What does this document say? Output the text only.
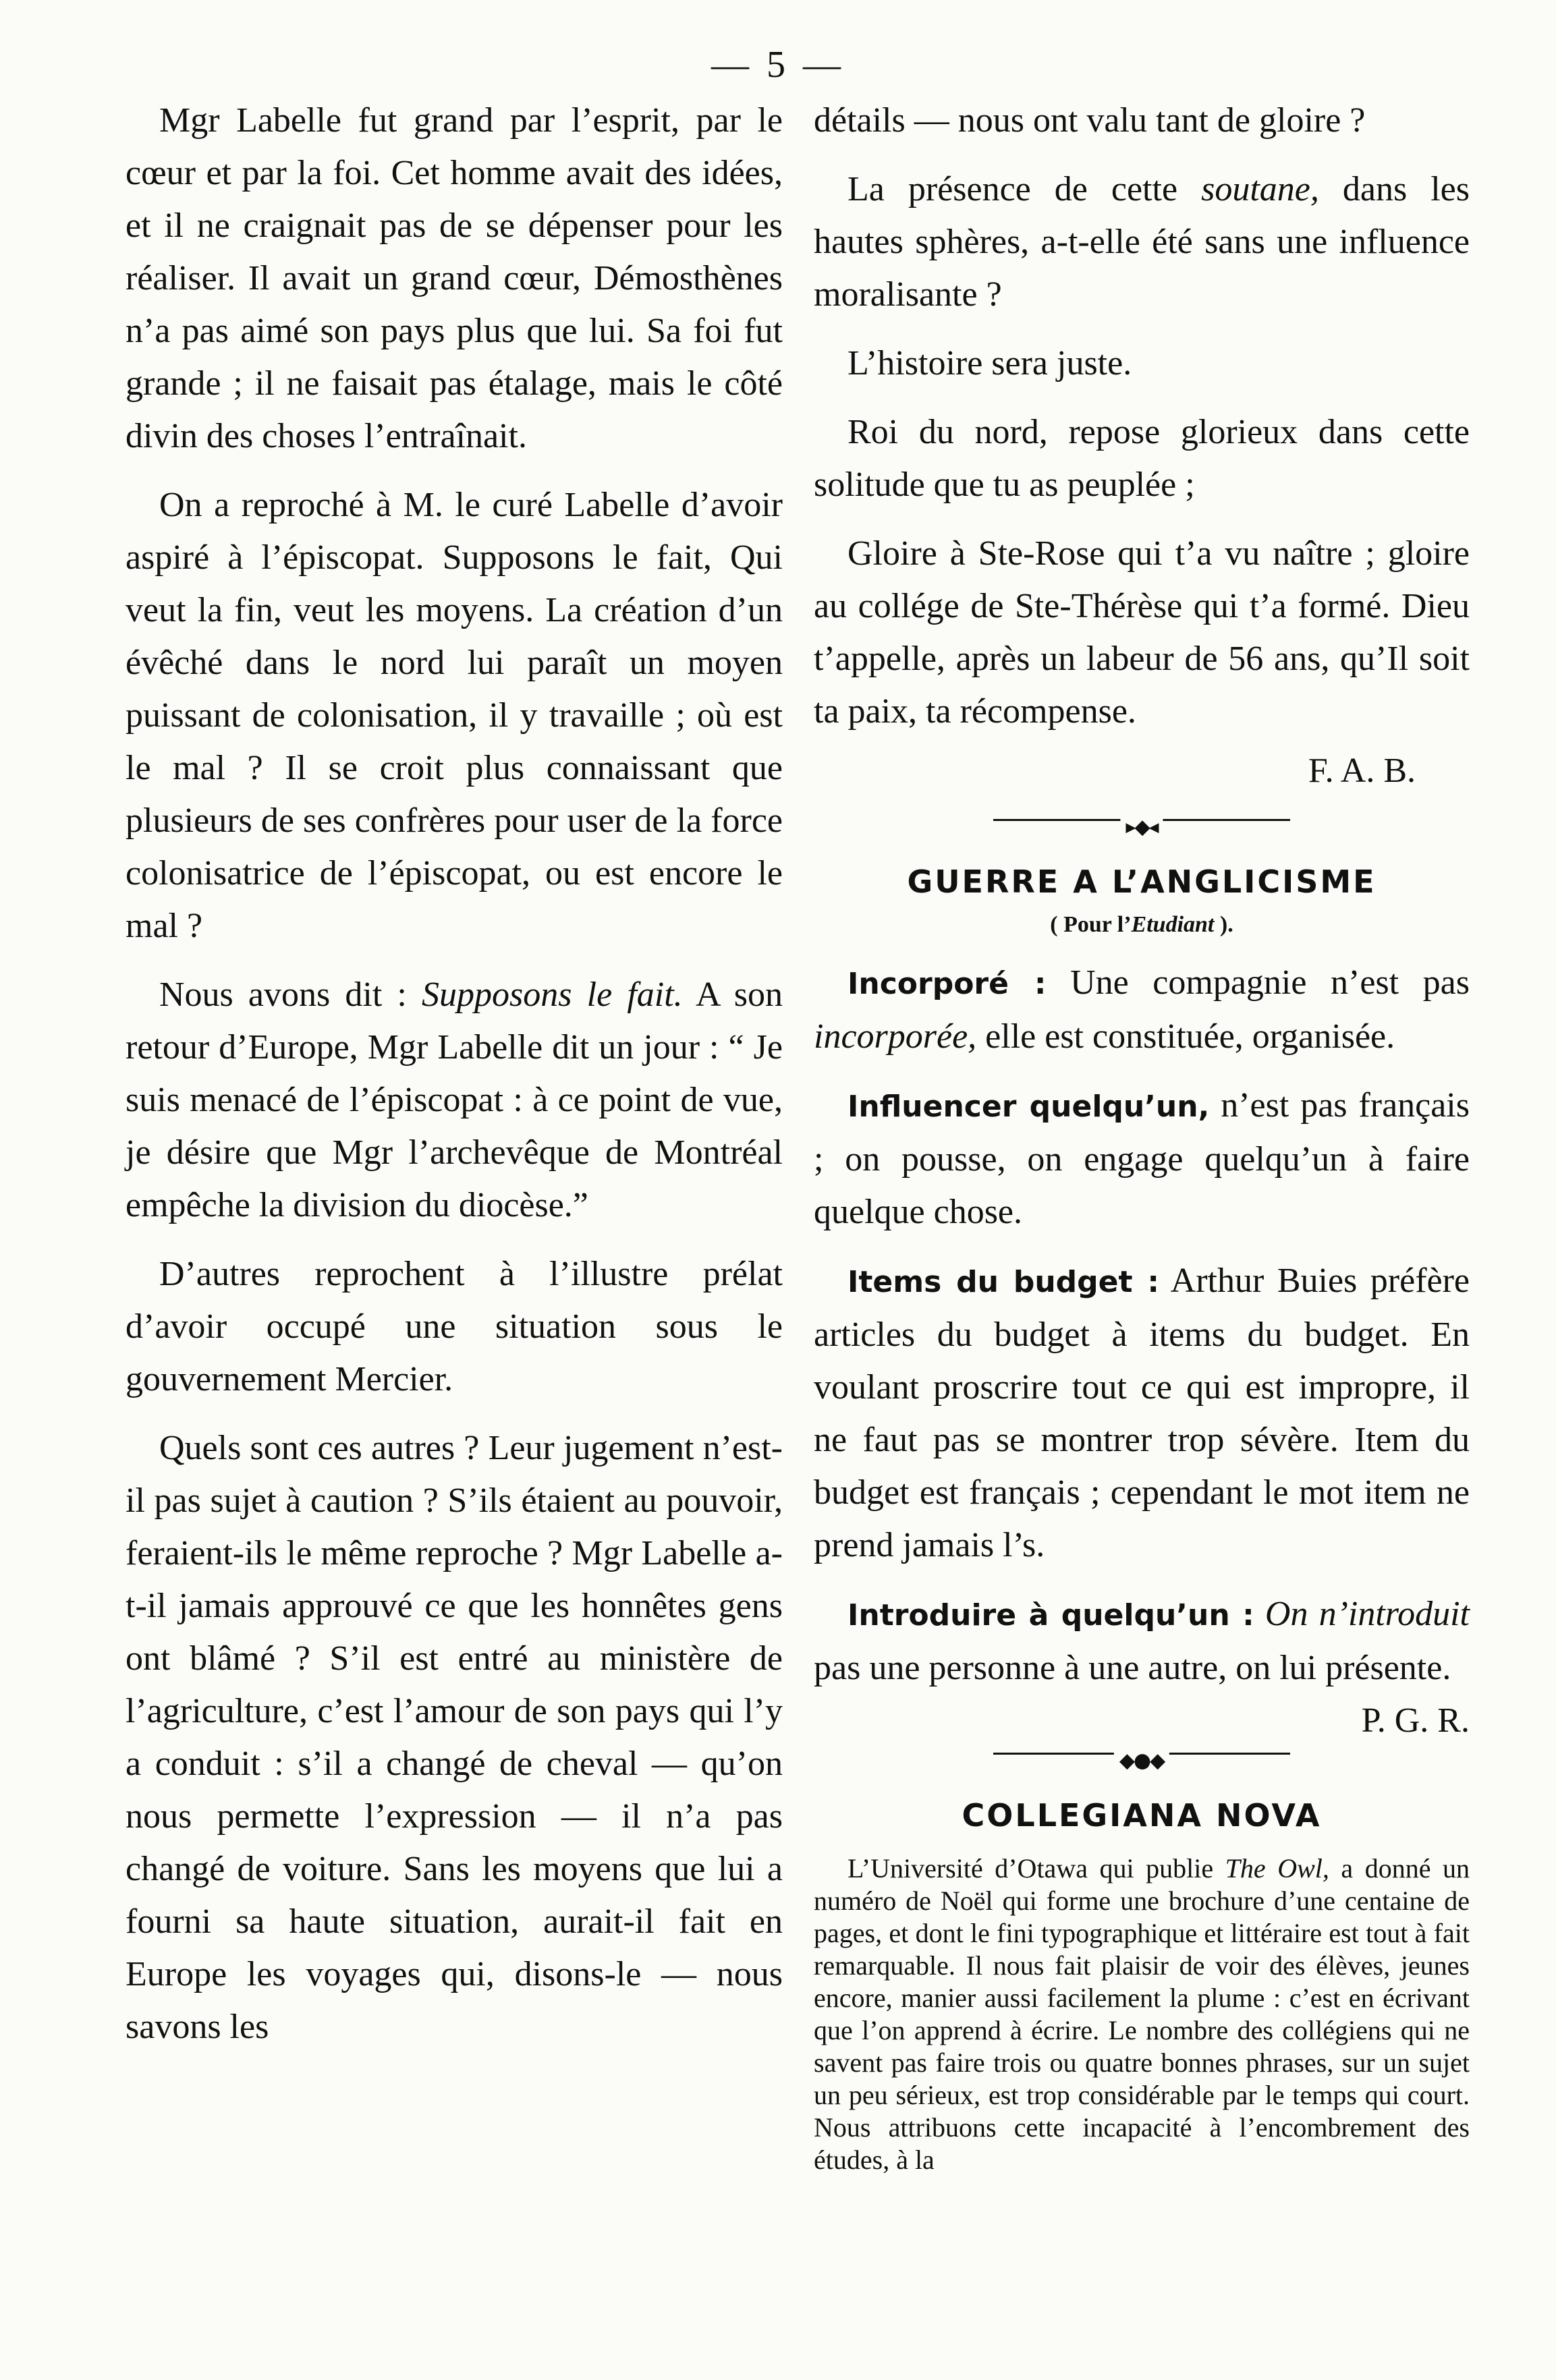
— 5 —

Mgr Labelle fut grand par l’esprit, par le cœur et par la foi. Cet homme avait des idées, et il ne craignait pas de se dépenser pour les réaliser. Il avait un grand cœur, Démosthènes n’a pas aimé son pays plus que lui. Sa foi fut grande ; il ne faisait pas étalage, mais le côté divin des choses l’entraînait.

On a reproché à M. le curé Labelle d’avoir aspiré à l’épiscopat. Supposons le fait, Qui veut la fin, veut les moyens. La création d’un évêché dans le nord lui paraît un moyen puissant de colonisation, il y travaille ; où est le mal ? Il se croit plus connaissant que plusieurs de ses confrères pour user de la force colonisatrice de l’épiscopat, ou est encore le mal ?

Nous avons dit : Supposons le fait. A son retour d’Europe, Mgr Labelle dit un jour : “ Je suis menacé de l’épiscopat : à ce point de vue, je désire que Mgr l’archevêque de Montréal empêche la division du diocèse.”

D’autres reprochent à l’illustre prélat d’avoir occupé une situation sous le gouvernement Mercier.

Quels sont ces autres ? Leur jugement n’est-il pas sujet à caution ? S’ils étaient au pouvoir, feraient-ils le même reproche ? Mgr Labelle a-t-il jamais approuvé ce que les honnêtes gens ont blâmé ? S’il est entré au ministère de l’agriculture, c’est l’amour de son pays qui l’y a conduit : s’il a changé de cheval — qu’on nous permette l’expression — il n’a pas changé de voiture. Sans les moyens que lui a fourni sa haute situation, aurait-il fait en Europe les voyages qui, disons-le — nous savons les

détails — nous ont valu tant de gloire ?

La présence de cette soutane, dans les hautes sphères, a-t-elle été sans une influence moralisante ?

L’histoire sera juste.

Roi du nord, repose glorieux dans cette solitude que tu as peuplée ;

Gloire à Ste-Rose qui t’a vu naître ; gloire au collége de Ste-Thérèse qui t’a formé. Dieu t’appelle, après un labeur de 56 ans, qu’Il soit ta paix, ta récompense.

F. A. B.

▸◆◂
GUERRE A L’ANGLICISME
( Pour l’Etudiant ).

Incorporé : Une compagnie n’est pas incorporée, elle est constituée, organisée.

Influencer quelqu’un, n’est pas français ; on pousse, on engage quelqu’un à faire quelque chose.

Items du budget : Arthur Buies préfère articles du budget à items du budget. En voulant proscrire tout ce qui est impropre, il ne faut pas se montrer trop sévère. Item du budget est français ; cependant le mot item ne prend jamais l’s.

Introduire à quelqu’un : On n’introduit pas une personne à une autre, on lui présente.
P. G. R.

◆●◆
COLLEGIANA NOVA

L’Université d’Otawa qui publie The Owl, a donné un numéro de Noël qui forme une brochure d’une centaine de pages, et dont le fini typographique et littéraire est tout à fait remarquable. Il nous fait plaisir de voir des élèves, jeunes encore, manier aussi facilement la plume : c’est en écrivant que l’on apprend à écrire. Le nombre des collégiens qui ne savent pas faire trois ou quatre bonnes phrases, sur un sujet un peu sérieux, est trop considérable par le temps qui court. Nous attribuons cette incapacité à l’encombrement des études, à la
